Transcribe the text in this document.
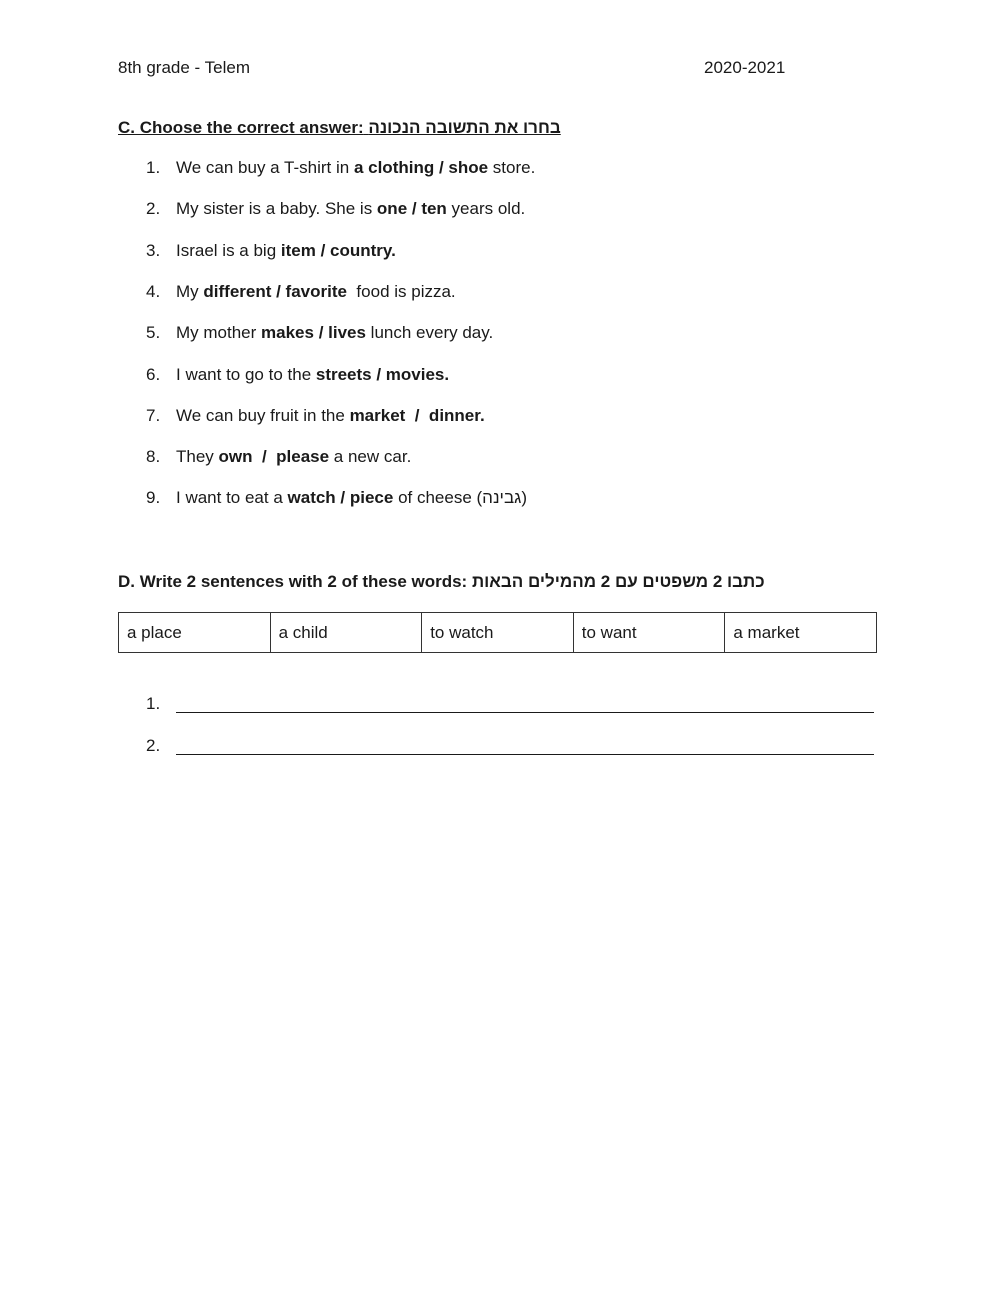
8th grade - Telem	2020-2021
C. Choose the correct answer: בחרו את התשובה הנכונה
1. We can buy a T-shirt in a clothing / shoe store.
2. My sister is a baby. She is one / ten years old.
3. Israel is a big item / country.
4. My different / favorite  food is pizza.
5. My mother makes / lives lunch every day.
6. I want to go to the streets / movies.
7. We can buy fruit in the market  /  dinner.
8. They own  /  please a new car.
9. I want to eat a watch / piece of cheese (גבינה)
D. Write 2 sentences with 2 of these words: כתבו 2 משפטים עם 2 מהמילים הבאות
a place	a child	to watch	to want	a market
1.
2.
